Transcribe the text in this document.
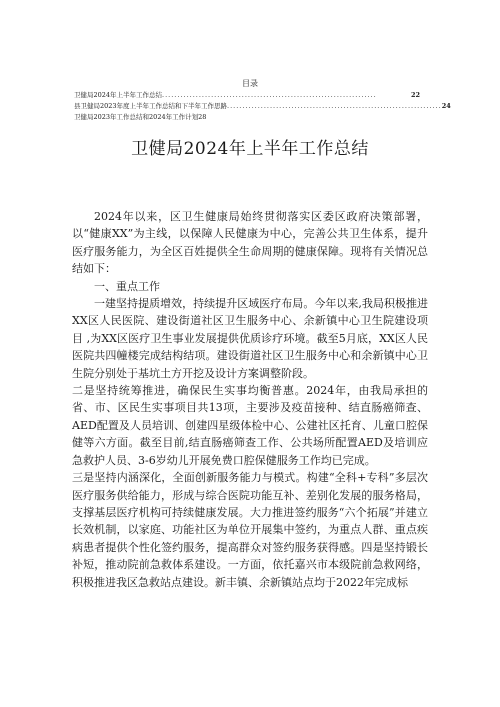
目录
卫健局2024年上半年工作总结 ......................................................................	22
县卫健局2023年度上半年工作总结和下半年工作思路 ...................................................................... 24
卫健局2023年工作总结和2024年工作计划28
卫健局2024年上半年工作总结

2024年以来，区卫生健康局始终贯彻落实区委区政府决策部署，以“健康XX”为主线，以保障人民健康为中心，完善公共卫生体系，提升医疗服务能力，为全区百姓提供全生命周期的健康保障。现将有关情况总结如下：

一、重点工作

一建坚持提质增效，持续提升区域医疗布局。今年以来,我局积极推进XX区人民医院、建设街道社区卫生服务中心、余新镇中心卫生院建设项目 ,为XX区医疗卫生事业发展提供优质诊疗环境。截至5月底，XX区人民医院共四幢楼完成结构结项。建设街道社区卫生服务中心和余新镇中心卫生院分别处于基坑土方开挖及设计方案调整阶段。

二是坚持统筹推进，确保民生实事均衡普惠。2024年，由我局承担的省、市、区民生实事项目共13项，主要涉及疫苗接种、结直肠癌筛查、AED配置及人员培训、创建四星级体检中心、公建社区托育、儿童口腔保健等六方面。截至目前,结直肠癌筛查工作、公共场所配置AED及培训应急救护人员、3-6岁幼儿开展免费口腔保健服务工作均已完成。

三是坚持内涵深化，全面创新服务能力与模式。构建“全科+专科”多层次医疗服务供给能力，形成与综合医院功能互补、差别化发展的服务格局，支撑基层医疗机构可持续健康发展。大力推进签约服务“六个拓展”并建立长效机制，以家庭、功能社区为单位开展集中签约，为重点人群、重点疾病患者提供个性化签约服务，提高群众对签约服务获得感。四是坚持锻长补短，推动院前急救体系建设。一方面，依托嘉兴市本级院前急救网络，积极推进我区急救站点建设。新丰镇、余新镇站点均于2022年完成标
